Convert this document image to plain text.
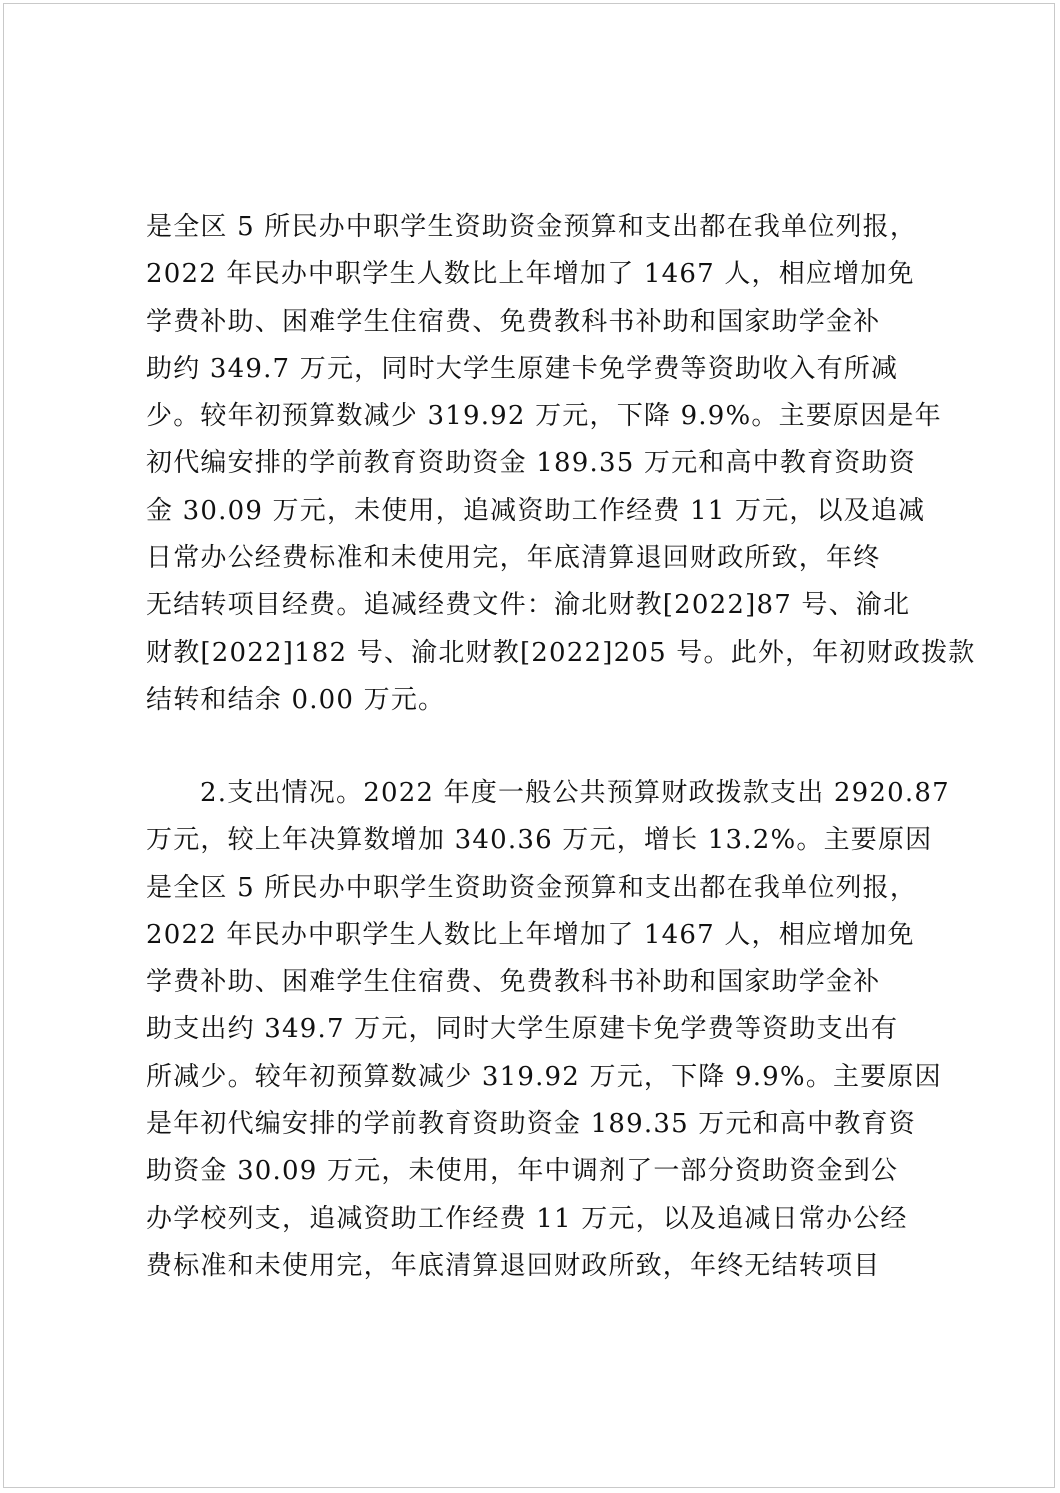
是全区 5 所民办中职学生资助资金预算和支出都在我单位列报，
2022 年民办中职学生人数比上年增加了 1467 人，相应增加免
学费补助、困难学生住宿费、免费教科书补助和国家助学金补
助约 349.7 万元，同时大学生原建卡免学费等资助收入有所减
少。较年初预算数减少 319.92 万元，下降 9.9%。主要原因是年
初代编安排的学前教育资助资金 189.35 万元和高中教育资助资
金 30.09 万元，未使用，追减资助工作经费 11 万元，以及追减
日常办公经费标准和未使用完，年底清算退回财政所致，年终
无结转项目经费。追减经费文件：渝北财教[2022]87 号、渝北
财教[2022]182 号、渝北财教[2022]205 号。此外，年初财政拨款
结转和结余 0.00 万元。
2.支出情况。2022 年度一般公共预算财政拨款支出 2920.87
万元，较上年决算数增加 340.36 万元，增长 13.2%。主要原因
是全区 5 所民办中职学生资助资金预算和支出都在我单位列报，
2022 年民办中职学生人数比上年增加了 1467 人，相应增加免
学费补助、困难学生住宿费、免费教科书补助和国家助学金补
助支出约 349.7 万元，同时大学生原建卡免学费等资助支出有
所减少。较年初预算数减少 319.92 万元，下降 9.9%。主要原因
是年初代编安排的学前教育资助资金 189.35 万元和高中教育资
助资金 30.09 万元，未使用，年中调剂了一部分资助资金到公
办学校列支，追减资助工作经费 11 万元，以及追减日常办公经
费标准和未使用完，年底清算退回财政所致，年终无结转项目
